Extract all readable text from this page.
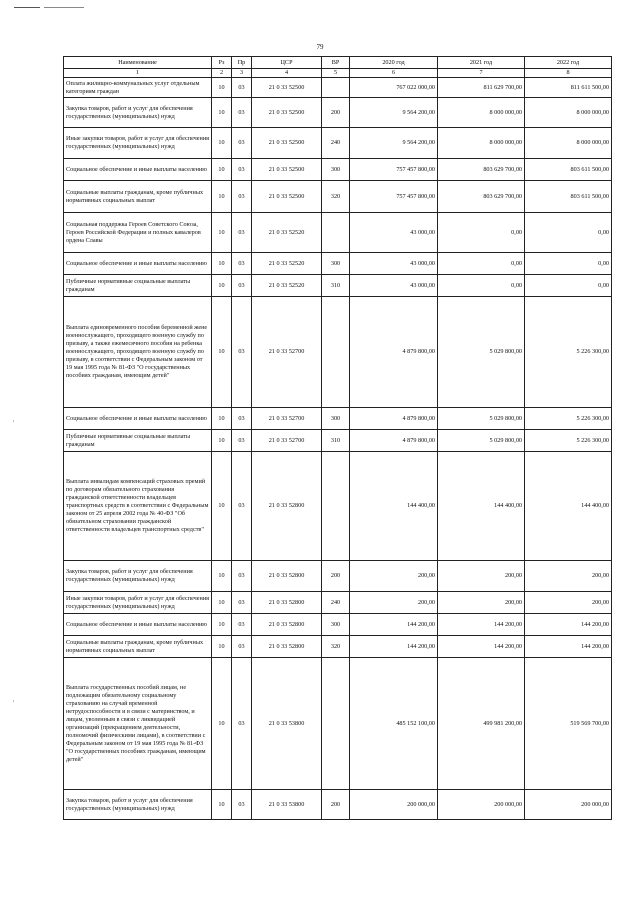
79
Наименование	Рз	Пр	ЦСР	ВР	2020 год	2021 год	2022 год
1	2	3	4	5	6	7	8
Оплата жилищно-коммунальных услуг отдельным категориям граждан	10	03	21 0 33 52500		767 022 000,00	811 629 700,00	811 611 500,00
Закупка товаров, работ и услуг для обеспечения государственных (муниципальных) нужд	10	03	21 0 33 52500	200	9 564 200,00	8 000 000,00	8 000 000,00
Иные закупки товаров, работ и услуг для обеспечения государственных (муниципальных) нужд	10	03	21 0 33 52500	240	9 564 200,00	8 000 000,00	8 000 000,00
Социальное обеспечение и иные выплаты населению	10	03	21 0 33 52500	300	757 457 800,00	803 629 700,00	803 611 500,00
Социальные выплаты гражданам, кроме публичных нормативных социальных выплат	10	03	21 0 33 52500	320	757 457 800,00	803 629 700,00	803 611 500,00
Социальная поддержка Героев Советского Союза, Героев Российской Федерации и полных кавалеров ордена Славы	10	03	21 0 33 52520		43 000,00	0,00	0,00
Социальное обеспечение и иные выплаты населению	10	03	21 0 33 52520	300	43 000,00	0,00	0,00
Публичные нормативные социальные выплаты гражданам	10	03	21 0 33 52520	310	43 000,00	0,00	0,00
Выплата единовременного пособия беременной жене военнослужащего, проходящего военную службу по призыву, а также ежемесячного пособия на ребенка военнослужащего, проходящего военную службу по призыву, в соответствии с Федеральным законом от 19 мая 1995 года № 81-ФЗ "О государственных пособиях гражданам, имеющим детей"	10	03	21 0 33 52700		4 879 800,00	5 029 800,00	5 226 300,00
Социальное обеспечение и иные выплаты населению	10	03	21 0 33 52700	300	4 879 800,00	5 029 800,00	5 226 300,00
Публичные нормативные социальные выплаты гражданам	10	03	21 0 33 52700	310	4 879 800,00	5 029 800,00	5 226 300,00
Выплата инвалидам компенсаций страховых премий по договорам обязательного страхования гражданской ответственности владельцев транспортных средств в соответствии с Федеральным законом от 25 апреля 2002 года № 40-ФЗ "Об обязательном страховании гражданской ответственности владельцев транспортных средств"	10	03	21 0 33 52800		144 400,00	144 400,00	144 400,00
Закупка товаров, работ и услуг для обеспечения государственных (муниципальных) нужд	10	03	21 0 33 52800	200	200,00	200,00	200,00
Иные закупки товаров, работ и услуг для обеспечения государственных (муниципальных) нужд	10	03	21 0 33 52800	240	200,00	200,00	200,00
Социальное обеспечение и иные выплаты населению	10	03	21 0 33 52800	300	144 200,00	144 200,00	144 200,00
Социальные выплаты гражданам, кроме публичных нормативных социальных выплат	10	03	21 0 33 52800	320	144 200,00	144 200,00	144 200,00
Выплата государственных пособий лицам, не подлежащим обязательному социальному страхованию на случай временной нетрудоспособности и в связи с материнством, и лицам, уволенным в связи с ликвидацией организаций (прекращением деятельности, полномочий физическими лицами), в соответствии с Федеральным законом от 19 мая 1995 года № 81-ФЗ "О государственных пособиях гражданам, имеющим детей"	10	03	21 0 33 53800		485 152 100,00	499 981 200,00	519 569 700,00
Закупка товаров, работ и услуг для обеспечения государственных (муниципальных) нужд	10	03	21 0 33 53800	200	200 000,00	200 000,00	200 000,00
